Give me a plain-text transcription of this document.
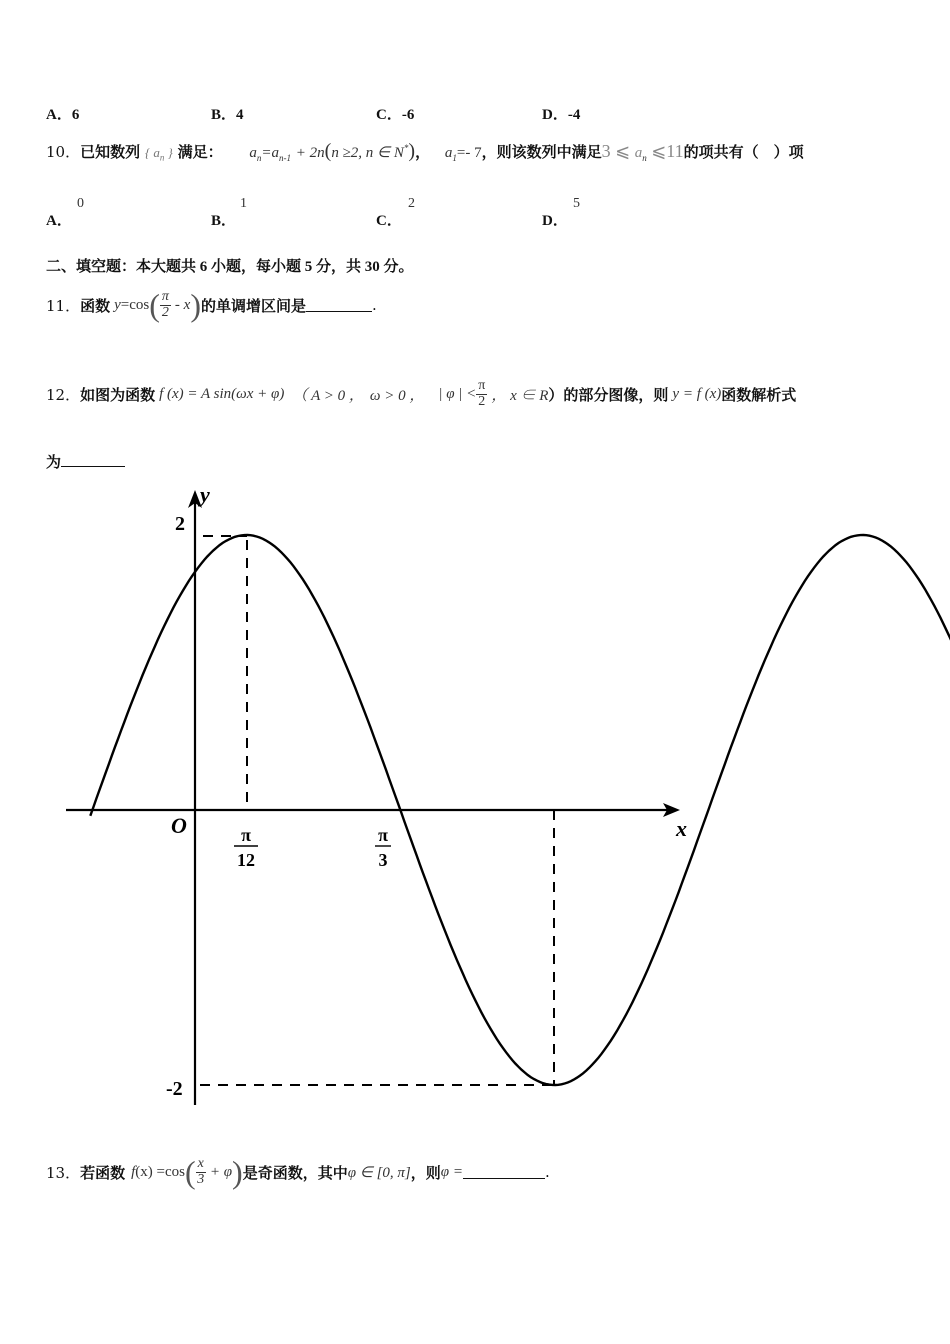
A．6	B．4	C．-6	D．-4
10．已知数列 { $a_n$ } 满足： $a_n=a_{n-1} + 2n(n \ge 2$, n ∈ N*)， $a_1=-$ 7，则该数列中满足3 ⩽ $a_n$ ⩽11的项共有（　）项
A．
0
B．
1
C．
2
D．
5
二、填空题：本大题共 6 小题，每小题 5 分，共 30 分。
11． 函数 y =cos ( $\frac{\pi}{2}$ - x ) 的单调增区间是	.
12． 如图为函数 f (x) = A sin(ωx + φ) （ A > 0 ， ω > 0 ， | φ | < $\frac{\pi}{2}$ ， x ∈ R ）的部分图像，则 y = f (x) 函数解析式
为
y
x
O
2
-2
π
12
π
3
13． 若函数 f (x) =cos ( $\frac{x}{3} + \varphi$ ) 是奇函数，其中 φ ∈ [0, π] ，则 φ =	.
